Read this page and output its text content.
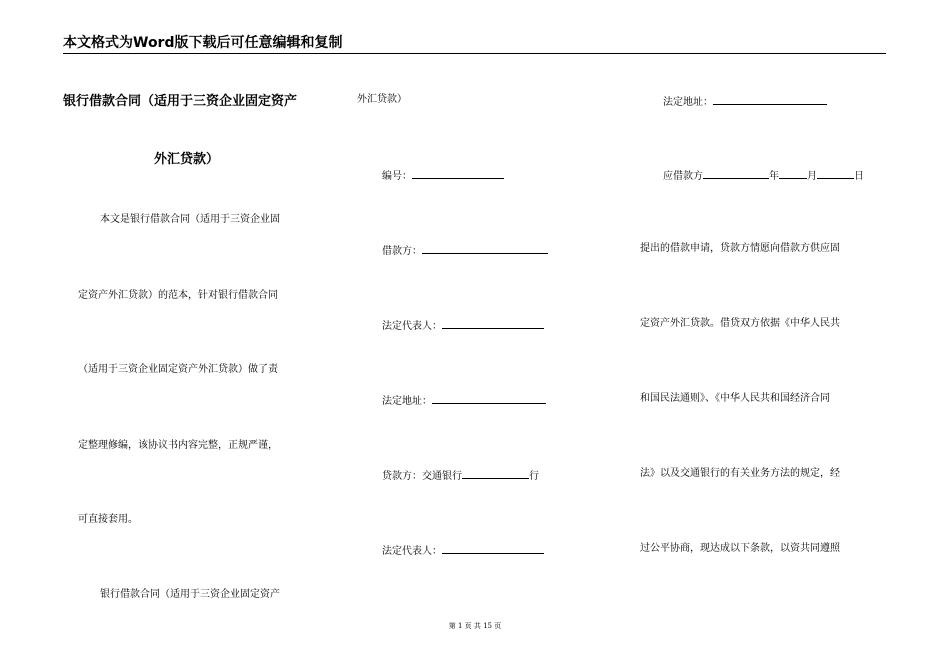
本文格式为Word版下载后可任意编辑和复制
银行借款合同（适用于三资企业固定资产
外汇贷款）
本文是银行借款合同（适用于三资企业固
定资产外汇贷款）的范本，针对银行借款合同
（适用于三资企业固定资产外汇贷款）做了责
定整理修编，该协议书内容完整，正规严谨，
可直接套用。
银行借款合同（适用于三资企业固定资产
外汇贷款）
编号：
借款方：
法定代表人：
法定地址：
贷款方：交通银行	行
法定代表人：
法定地址：
应借款方	年	月	日
提出的借款申请，贷款方情愿向借款方供应固
定资产外汇贷款。借贷双方依据《中华人民共
和国民法通则》、《中华人民共和国经济合同
法》以及交通银行的有关业务方法的规定，经
过公平协商，现达成以下条款，以资共同遵照
第 1 页 共 15 页
